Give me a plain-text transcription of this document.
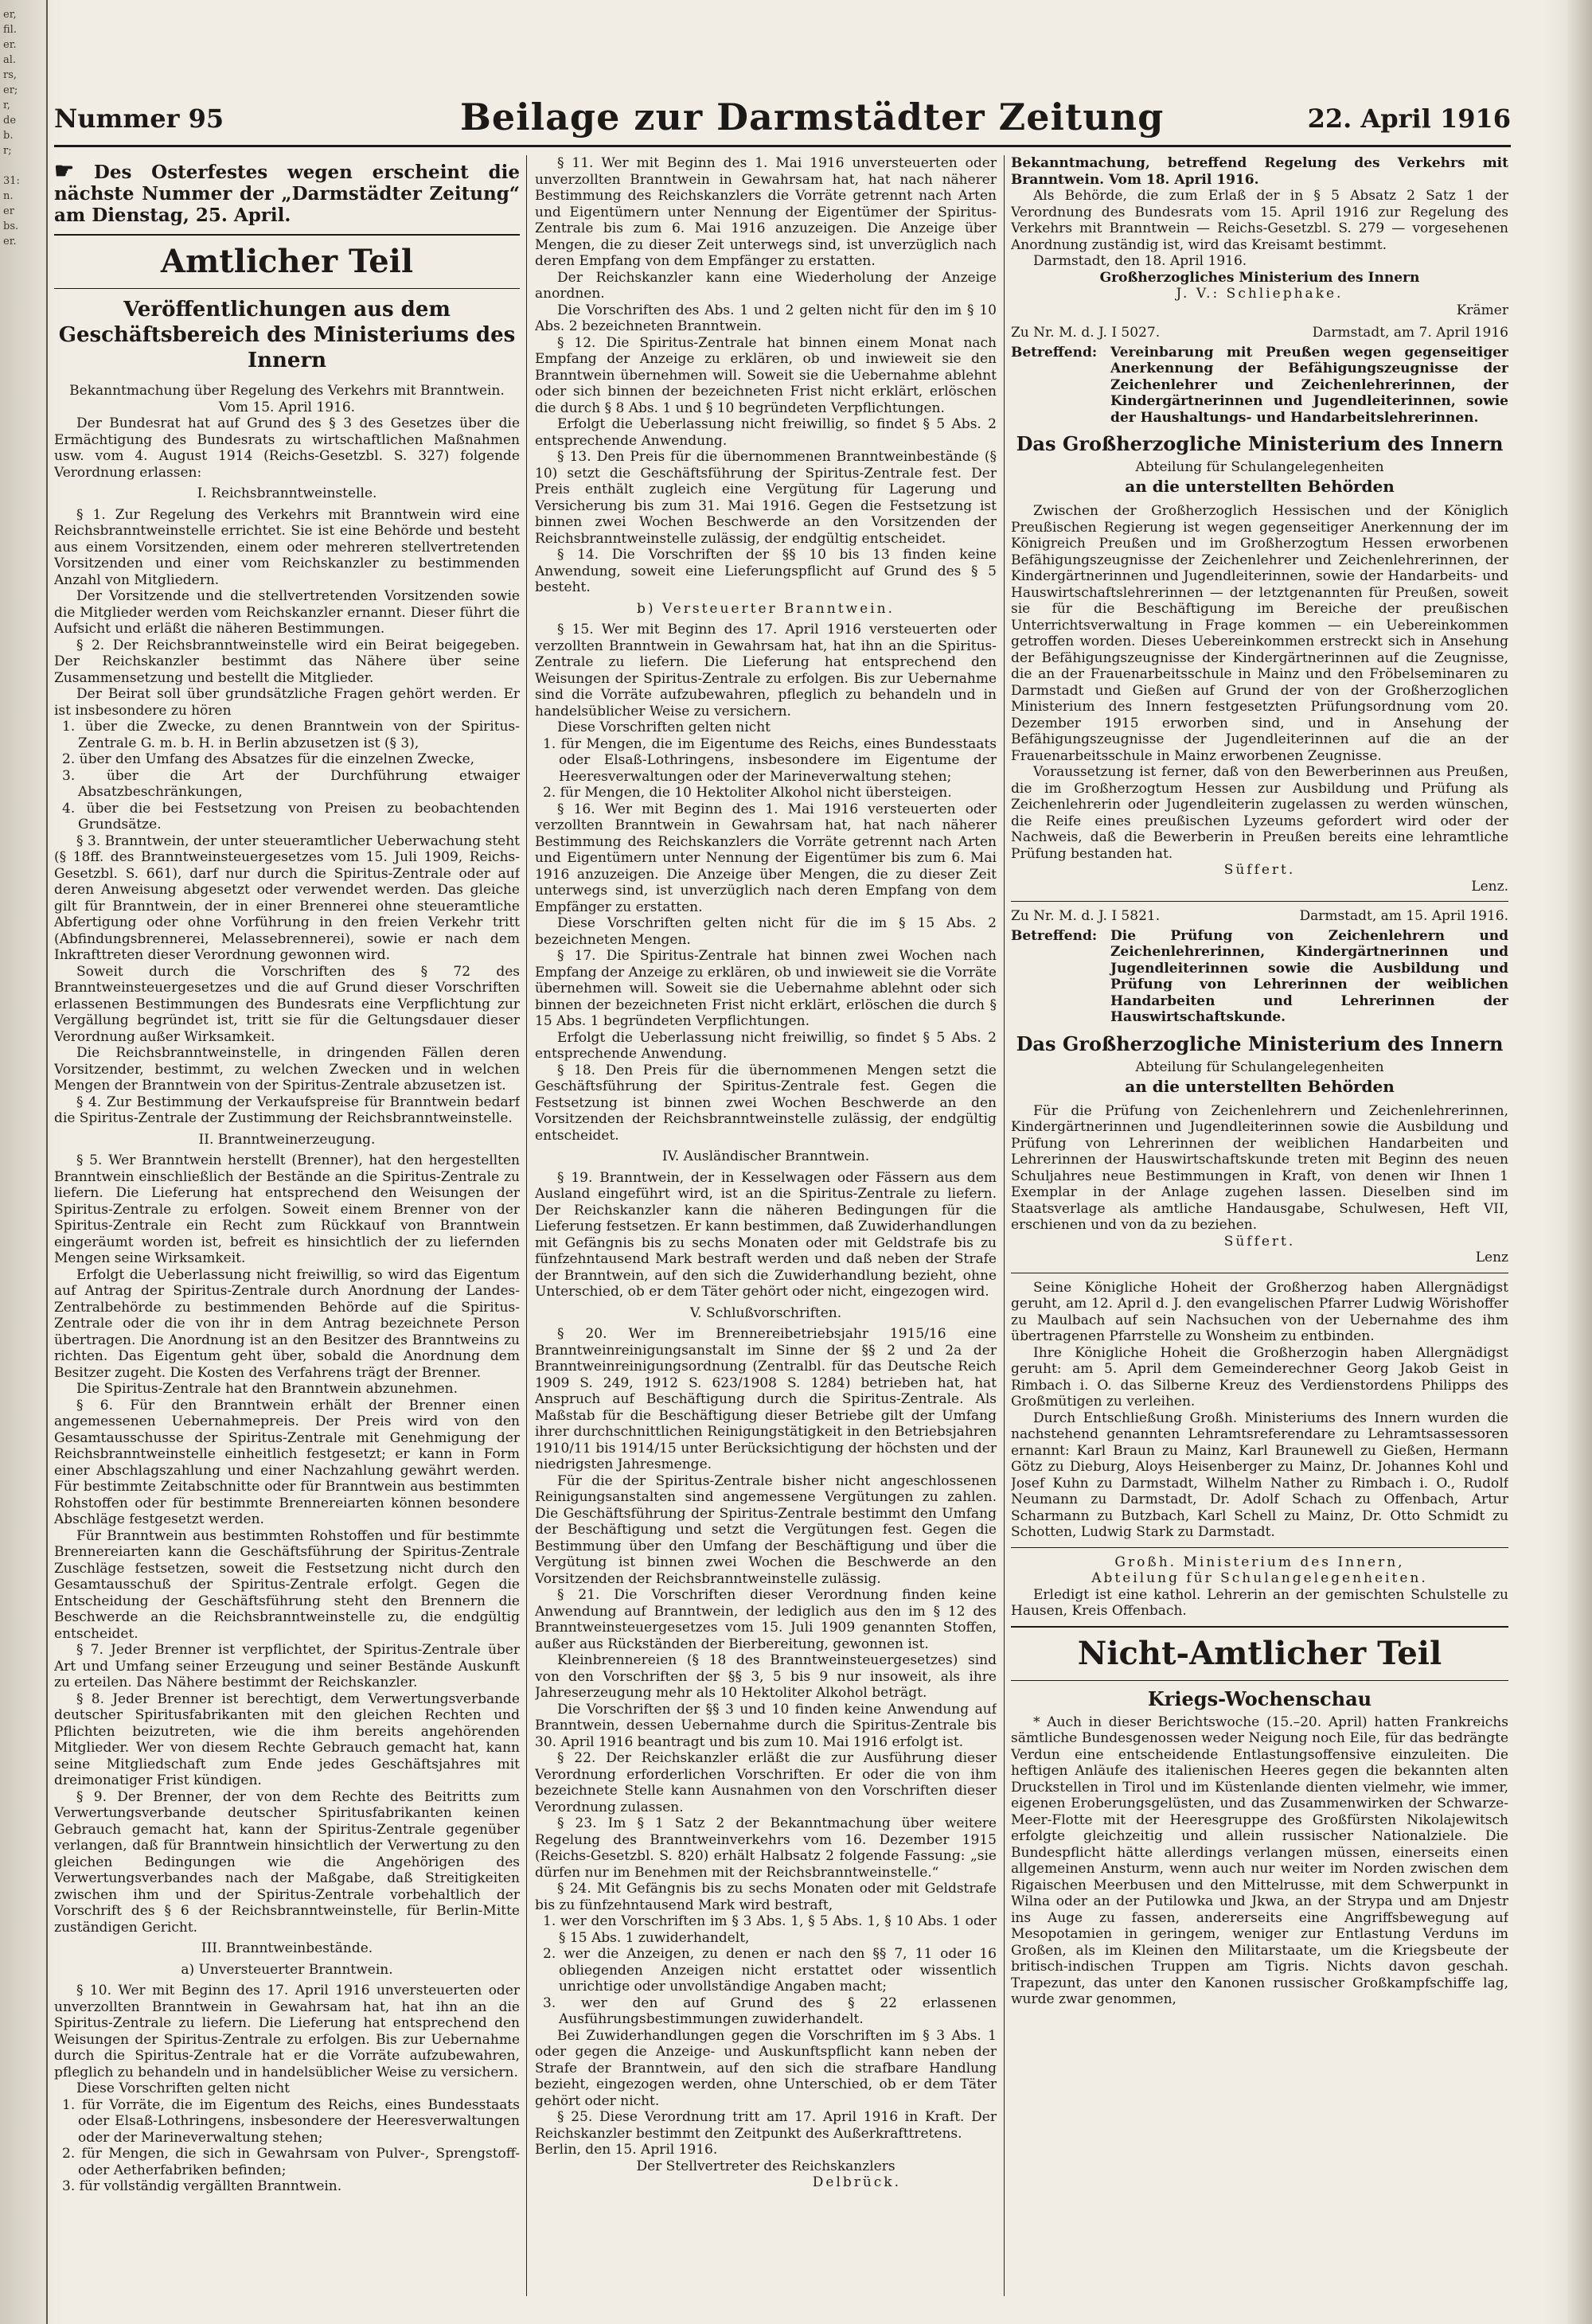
er,
fil.
er.
al.
rs,
er;
r,
de
b.
r;

31:
n.
er
bs.
er.

Nummer 95	Beilage zur Darmstädter Zeitung	22. April 1916

☛ Des Osterfestes wegen erscheint die nächste Nummer der „Darmstädter Zeitung“ am Dienstag, 25. April.

Amtlicher Teil

Veröffentlichungen aus dem Geschäftsbereich des Ministeriums des Innern

Bekanntmachung über Regelung des Verkehrs mit Branntwein. Vom 15. April 1916.

Der Bundesrat hat auf Grund des § 3 des Gesetzes über die Ermächtigung des Bundesrats zu wirtschaftlichen Maßnahmen usw. vom 4. August 1914 (Reichs-Gesetzbl. S. 327) folgende Verordnung erlassen:

I. Reichsbranntweinstelle.

§ 1. Zur Regelung des Verkehrs mit Branntwein wird eine Reichsbranntweinstelle errichtet. Sie ist eine Behörde und besteht aus einem Vorsitzenden, einem oder mehreren stellvertretenden Vorsitzenden und einer vom Reichskanzler zu bestimmenden Anzahl von Mitgliedern.

Der Vorsitzende und die stellvertretenden Vorsitzenden sowie die Mitglieder werden vom Reichskanzler ernannt. Dieser führt die Aufsicht und erläßt die näheren Bestimmungen.

§ 2. Der Reichsbranntweinstelle wird ein Beirat beigegeben. Der Reichskanzler bestimmt das Nähere über seine Zusammensetzung und bestellt die Mitglieder.

Der Beirat soll über grundsätzliche Fragen gehört werden. Er ist insbesondere zu hören

1. über die Zwecke, zu denen Branntwein von der Spiritus-Zentrale G. m. b. H. in Berlin abzusetzen ist (§ 3),

2. über den Umfang des Absatzes für die einzelnen Zwecke,

3. über die Art der Durchführung etwaiger Absatzbeschränkungen,

4. über die bei Festsetzung von Preisen zu beobachtenden Grundsätze.

§ 3. Branntwein, der unter steueramtlicher Ueberwachung steht (§ 18ff. des Branntweinsteuergesetzes vom 15. Juli 1909, Reichs-Gesetzbl. S. 661), darf nur durch die Spiritus-Zentrale oder auf deren Anweisung abgesetzt oder verwendet werden. Das gleiche gilt für Branntwein, der in einer Brennerei ohne steueramtliche Abfertigung oder ohne Vorführung in den freien Verkehr tritt (Abfindungsbrennerei, Melassebrennerei), sowie er nach dem Inkrafttreten dieser Verordnung gewonnen wird.

Soweit durch die Vorschriften des § 72 des Branntweinsteuergesetzes und die auf Grund dieser Vorschriften erlassenen Bestimmungen des Bundesrats eine Verpflichtung zur Vergällung begründet ist, tritt sie für die Geltungsdauer dieser Verordnung außer Wirksamkeit.

Die Reichsbranntweinstelle, in dringenden Fällen deren Vorsitzender, bestimmt, zu welchen Zwecken und in welchen Mengen der Branntwein von der Spiritus-Zentrale abzusetzen ist.

§ 4. Zur Bestimmung der Verkaufspreise für Branntwein bedarf die Spiritus-Zentrale der Zustimmung der Reichsbranntweinstelle.

II. Branntweinerzeugung.

§ 5. Wer Branntwein herstellt (Brenner), hat den hergestellten Branntwein einschließlich der Bestände an die Spiritus-Zentrale zu liefern. Die Lieferung hat entsprechend den Weisungen der Spiritus-Zentrale zu erfolgen. Soweit einem Brenner von der Spiritus-Zentrale ein Recht zum Rückkauf von Branntwein eingeräumt worden ist, befreit es hinsichtlich der zu liefernden Mengen seine Wirksamkeit.

Erfolgt die Ueberlassung nicht freiwillig, so wird das Eigentum auf Antrag der Spiritus-Zentrale durch Anordnung der Landes-Zentralbehörde zu bestimmenden Behörde auf die Spiritus-Zentrale oder die von ihr in dem Antrag bezeichnete Person übertragen. Die Anordnung ist an den Besitzer des Branntweins zu richten. Das Eigentum geht über, sobald die Anordnung dem Besitzer zugeht. Die Kosten des Verfahrens trägt der Brenner.

Die Spiritus-Zentrale hat den Branntwein abzunehmen.

§ 6. Für den Branntwein erhält der Brenner einen angemessenen Uebernahmepreis. Der Preis wird von den Gesamtausschusse der Spiritus-Zentrale mit Genehmigung der Reichsbranntweinstelle einheitlich festgesetzt; er kann in Form einer Abschlagszahlung und einer Nachzahlung gewährt werden. Für bestimmte Zeitabschnitte oder für Branntwein aus bestimmten Rohstoffen oder für bestimmte Brennereiarten können besondere Abschläge festgesetzt werden.

Für Branntwein aus bestimmten Rohstoffen und für bestimmte Brennereiarten kann die Geschäftsführung der Spiritus-Zentrale Zuschläge festsetzen, soweit die Festsetzung nicht durch den Gesamtausschuß der Spiritus-Zentrale erfolgt. Gegen die Entscheidung der Geschäftsführung steht den Brennern die Beschwerde an die Reichsbranntweinstelle zu, die endgültig entscheidet.

§ 7. Jeder Brenner ist verpflichtet, der Spiritus-Zentrale über Art und Umfang seiner Erzeugung und seiner Bestände Auskunft zu erteilen. Das Nähere bestimmt der Reichskanzler.

§ 8. Jeder Brenner ist berechtigt, dem Verwertungsverbande deutscher Spiritusfabrikanten mit den gleichen Rechten und Pflichten beizutreten, wie die ihm bereits angehörenden Mitglieder. Wer von diesem Rechte Gebrauch gemacht hat, kann seine Mitgliedschaft zum Ende jedes Geschäftsjahres mit dreimonatiger Frist kündigen.

§ 9. Der Brenner, der von dem Rechte des Beitritts zum Verwertungsverbande deutscher Spiritusfabrikanten keinen Gebrauch gemacht hat, kann der Spiritus-Zentrale gegenüber verlangen, daß für Branntwein hinsichtlich der Verwertung zu den gleichen Bedingungen wie die Angehörigen des Verwertungsverbandes nach der Maßgabe, daß Streitigkeiten zwischen ihm und der Spiritus-Zentrale vorbehaltlich der Vorschrift des § 6 der Reichsbranntweinstelle, für Berlin-Mitte zuständigen Gericht.

III. Branntweinbestände.

a) Unversteuerter Branntwein.

§ 10. Wer mit Beginn des 17. April 1916 unversteuerten oder unverzollten Branntwein in Gewahrsam hat, hat ihn an die Spiritus-Zentrale zu liefern. Die Lieferung hat entsprechend den Weisungen der Spiritus-Zentrale zu erfolgen. Bis zur Uebernahme durch die Spiritus-Zentrale hat er die Vorräte aufzubewahren, pfleglich zu behandeln und in handelsüblicher Weise zu versichern.

Diese Vorschriften gelten nicht

1. für Vorräte, die im Eigentum des Reichs, eines Bundesstaats oder Elsaß-Lothringens, insbesondere der Heeresverwaltungen oder der Marineverwaltung stehen;

2. für Mengen, die sich in Gewahrsam von Pulver-, Sprengstoff- oder Aetherfabriken befinden;

3. für vollständig vergällten Branntwein.

§ 11. Wer mit Beginn des 1. Mai 1916 unversteuerten oder unverzollten Branntwein in Gewahrsam hat, hat nach näherer Bestimmung des Reichskanzlers die Vorräte getrennt nach Arten und Eigentümern unter Nennung der Eigentümer der Spiritus-Zentrale bis zum 6. Mai 1916 anzuzeigen. Die Anzeige über Mengen, die zu dieser Zeit unterwegs sind, ist unverzüglich nach deren Empfang von dem Empfänger zu erstatten.

Der Reichskanzler kann eine Wiederholung der Anzeige anordnen.

Die Vorschriften des Abs. 1 und 2 gelten nicht für den im § 10 Abs. 2 bezeichneten Branntwein.

§ 12. Die Spiritus-Zentrale hat binnen einem Monat nach Empfang der Anzeige zu erklären, ob und inwieweit sie den Branntwein übernehmen will. Soweit sie die Uebernahme ablehnt oder sich binnen der bezeichneten Frist nicht erklärt, erlöschen die durch § 8 Abs. 1 und § 10 begründeten Verpflichtungen.

Erfolgt die Ueberlassung nicht freiwillig, so findet § 5 Abs. 2 entsprechende Anwendung.

§ 13. Den Preis für die übernommenen Branntweinbestände (§ 10) setzt die Geschäftsführung der Spiritus-Zentrale fest. Der Preis enthält zugleich eine Vergütung für Lagerung und Versicherung bis zum 31. Mai 1916. Gegen die Festsetzung ist binnen zwei Wochen Beschwerde an den Vorsitzenden der Reichsbranntweinstelle zulässig, der endgültig entscheidet.

§ 14. Die Vorschriften der §§ 10 bis 13 finden keine Anwendung, soweit eine Lieferungspflicht auf Grund des § 5 besteht.

b) Versteuerter Branntwein.

§ 15. Wer mit Beginn des 17. April 1916 versteuerten oder verzollten Branntwein in Gewahrsam hat, hat ihn an die Spiritus-Zentrale zu liefern. Die Lieferung hat entsprechend den Weisungen der Spiritus-Zentrale zu erfolgen. Bis zur Uebernahme sind die Vorräte aufzubewahren, pfleglich zu behandeln und in handelsüblicher Weise zu versichern.

Diese Vorschriften gelten nicht

1. für Mengen, die im Eigentume des Reichs, eines Bundesstaats oder Elsaß-Lothringens, insbesondere im Eigentume der Heeresverwaltungen oder der Marineverwaltung stehen;

2. für Mengen, die 10 Hektoliter Alkohol nicht übersteigen.

§ 16. Wer mit Beginn des 1. Mai 1916 versteuerten oder verzollten Branntwein in Gewahrsam hat, hat nach näherer Bestimmung des Reichskanzlers die Vorräte getrennt nach Arten und Eigentümern unter Nennung der Eigentümer bis zum 6. Mai 1916 anzuzeigen. Die Anzeige über Mengen, die zu dieser Zeit unterwegs sind, ist unverzüglich nach deren Empfang von dem Empfänger zu erstatten.

Diese Vorschriften gelten nicht für die im § 15 Abs. 2 bezeichneten Mengen.

§ 17. Die Spiritus-Zentrale hat binnen zwei Wochen nach Empfang der Anzeige zu erklären, ob und inwieweit sie die Vorräte übernehmen will. Soweit sie die Uebernahme ablehnt oder sich binnen der bezeichneten Frist nicht erklärt, erlöschen die durch § 15 Abs. 1 begründeten Verpflichtungen.

Erfolgt die Ueberlassung nicht freiwillig, so findet § 5 Abs. 2 entsprechende Anwendung.

§ 18. Den Preis für die übernommenen Mengen setzt die Geschäftsführung der Spiritus-Zentrale fest. Gegen die Festsetzung ist binnen zwei Wochen Beschwerde an den Vorsitzenden der Reichsbranntweinstelle zulässig, der endgültig entscheidet.

IV. Ausländischer Branntwein.

§ 19. Branntwein, der in Kesselwagen oder Fässern aus dem Ausland eingeführt wird, ist an die Spiritus-Zentrale zu liefern. Der Reichskanzler kann die näheren Bedingungen für die Lieferung festsetzen. Er kann bestimmen, daß Zuwiderhandlungen mit Gefängnis bis zu sechs Monaten oder mit Geldstrafe bis zu fünfzehntausend Mark bestraft werden und daß neben der Strafe der Branntwein, auf den sich die Zuwiderhandlung bezieht, ohne Unterschied, ob er dem Täter gehört oder nicht, eingezogen wird.

V. Schlußvorschriften.

§ 20. Wer im Brennereibetriebsjahr 1915/16 eine Branntweinreinigungsanstalt im Sinne der §§ 2 und 2a der Branntweinreinigungsordnung (Zentralbl. für das Deutsche Reich 1909 S. 249, 1912 S. 623/1908 S. 1284) betrieben hat, hat Anspruch auf Beschäftigung durch die Spiritus-Zentrale. Als Maßstab für die Beschäftigung dieser Betriebe gilt der Umfang ihrer durchschnittlichen Reinigungstätigkeit in den Betriebsjahren 1910/11 bis 1914/15 unter Berücksichtigung der höchsten und der niedrigsten Jahresmenge.

Für die der Spiritus-Zentrale bisher nicht angeschlossenen Reinigungsanstalten sind angemessene Vergütungen zu zahlen. Die Geschäftsführung der Spiritus-Zentrale bestimmt den Umfang der Beschäftigung und setzt die Vergütungen fest. Gegen die Bestimmung über den Umfang der Beschäftigung und über die Vergütung ist binnen zwei Wochen die Beschwerde an den Vorsitzenden der Reichsbranntweinstelle zulässig.

§ 21. Die Vorschriften dieser Verordnung finden keine Anwendung auf Branntwein, der lediglich aus den im § 12 des Branntweinsteuergesetzes vom 15. Juli 1909 genannten Stoffen, außer aus Rückständen der Bierbereitung, gewonnen ist.

Kleinbrennereien (§ 18 des Branntweinsteuergesetzes) sind von den Vorschriften der §§ 3, 5 bis 9 nur insoweit, als ihre Jahreserzeugung mehr als 10 Hektoliter Alkohol beträgt.

Die Vorschriften der §§ 3 und 10 finden keine Anwendung auf Branntwein, dessen Uebernahme durch die Spiritus-Zentrale bis 30. April 1916 beantragt und bis zum 10. Mai 1916 erfolgt ist.

§ 22. Der Reichskanzler erläßt die zur Ausführung dieser Verordnung erforderlichen Vorschriften. Er oder die von ihm bezeichnete Stelle kann Ausnahmen von den Vorschriften dieser Verordnung zulassen.

§ 23. Im § 1 Satz 2 der Bekanntmachung über weitere Regelung des Branntweinverkehrs vom 16. Dezember 1915 (Reichs-Gesetzbl. S. 820) erhält Halbsatz 2 folgende Fassung: „sie dürfen nur im Benehmen mit der Reichsbranntweinstelle.“

§ 24. Mit Gefängnis bis zu sechs Monaten oder mit Geldstrafe bis zu fünfzehntausend Mark wird bestraft,

1. wer den Vorschriften im § 3 Abs. 1, § 5 Abs. 1, § 10 Abs. 1 oder § 15 Abs. 1 zuwiderhandelt,

2. wer die Anzeigen, zu denen er nach den §§ 7, 11 oder 16 obliegenden Anzeigen nicht erstattet oder wissentlich unrichtige oder unvollständige Angaben macht;

3. wer den auf Grund des § 22 erlassenen Ausführungsbestimmungen zuwiderhandelt.

Bei Zuwiderhandlungen gegen die Vorschriften im § 3 Abs. 1 oder gegen die Anzeige- und Auskunftspflicht kann neben der Strafe der Branntwein, auf den sich die strafbare Handlung bezieht, eingezogen werden, ohne Unterschied, ob er dem Täter gehört oder nicht.

§ 25. Diese Verordnung tritt am 17. April 1916 in Kraft. Der Reichskanzler bestimmt den Zeitpunkt des Außerkrafttretens.

Berlin, den 15. April 1916.

Der Stellvertreter des Reichskanzlers

Delbrück.

Bekanntmachung, betreffend Regelung des Verkehrs mit Branntwein. Vom 18. April 1916.

Als Behörde, die zum Erlaß der in § 5 Absatz 2 Satz 1 der Verordnung des Bundesrats vom 15. April 1916 zur Regelung des Verkehrs mit Branntwein — Reichs-Gesetzbl. S. 279 — vorgesehenen Anordnung zuständig ist, wird das Kreisamt bestimmt.

Darmstadt, den 18. April 1916.

Großherzogliches Ministerium des Innern

J. V.: Schliephake.

Krämer

Zu Nr. M. d. J. I 5027.	Darmstadt, am 7. April 1916
Betreffend: Vereinbarung mit Preußen wegen gegenseitiger Anerkennung der Befähigungszeugnisse der Zeichenlehrer und Zeichenlehrerinnen, der Kindergärtnerinnen und Jugendleiterinnen, sowie der Haushaltungs- und Handarbeitslehrerinnen.

Das Großherzogliche Ministerium des Innern

Abteilung für Schulangelegenheiten

an die unterstellten Behörden

Zwischen der Großherzoglich Hessischen und der Königlich Preußischen Regierung ist wegen gegenseitiger Anerkennung der im Königreich Preußen und im Großherzogtum Hessen erworbenen Befähigungszeugnisse der Zeichenlehrer und Zeichenlehrerinnen, der Kindergärtnerinnen und Jugendleiterinnen, sowie der Handarbeits- und Hauswirtschaftslehrerinnen — der letztgenannten für Preußen, soweit sie für die Beschäftigung im Bereiche der preußischen Unterrichtsverwaltung in Frage kommen — ein Uebereinkommen getroffen worden. Dieses Uebereinkommen erstreckt sich in Ansehung der Befähigungszeugnisse der Kindergärtnerinnen auf die Zeugnisse, die an der Frauenarbeitsschule in Mainz und den Fröbelseminaren zu Darmstadt und Gießen auf Grund der von der Großherzoglichen Ministerium des Innern festgesetzten Prüfungsordnung vom 20. Dezember 1915 erworben sind, und in Ansehung der Befähigungszeugnisse der Jugendleiterinnen auf die an der Frauenarbeitsschule in Mainz erworbenen Zeugnisse.

Voraussetzung ist ferner, daß von den Bewerberinnen aus Preußen, die im Großherzogtum Hessen zur Ausbildung und Prüfung als Zeichenlehrerin oder Jugendleiterin zugelassen zu werden wünschen, die Reife eines preußischen Lyzeums gefordert wird oder der Nachweis, daß die Bewerberin in Preußen bereits eine lehramtliche Prüfung bestanden hat.

Süffert.

Lenz.

Zu Nr. M. d. J. I 5821.	Darmstadt, am 15. April 1916.
Betreffend: Die Prüfung von Zeichenlehrern und Zeichenlehrerinnen, Kindergärtnerinnen und Jugendleiterinnen sowie die Ausbildung und Prüfung von Lehrerinnen der weiblichen Handarbeiten und Lehrerinnen der Hauswirtschaftskunde.

Das Großherzogliche Ministerium des Innern

Abteilung für Schulangelegenheiten

an die unterstellten Behörden

Für die Prüfung von Zeichenlehrern und Zeichenlehrerinnen, Kindergärtnerinnen und Jugendleiterinnen sowie die Ausbildung und Prüfung von Lehrerinnen der weiblichen Handarbeiten und Lehrerinnen der Hauswirtschaftskunde treten mit Beginn des neuen Schuljahres neue Bestimmungen in Kraft, von denen wir Ihnen 1 Exemplar in der Anlage zugehen lassen. Dieselben sind im Staatsverlage als amtliche Handausgabe, Schulwesen, Heft VII, erschienen und von da zu beziehen.

Süffert.

Lenz

Seine Königliche Hoheit der Großherzog haben Allergnädigst geruht, am 12. April d. J. den evangelischen Pfarrer Ludwig Wörishoffer zu Maulbach auf sein Nachsuchen von der Uebernahme des ihm übertragenen Pfarrstelle zu Wonsheim zu entbinden.

Ihre Königliche Hoheit die Großherzogin haben Allergnädigst geruht: am 5. April dem Gemeinderechner Georg Jakob Geist in Rimbach i. O. das Silberne Kreuz des Verdienstordens Philipps des Großmütigen zu verleihen.

Durch Entschließung Großh. Ministeriums des Innern wurden die nachstehend genannten Lehramtsreferendare zu Lehramtsassessoren ernannt: Karl Braun zu Mainz, Karl Braunewell zu Gießen, Hermann Götz zu Dieburg, Aloys Heisenberger zu Mainz, Dr. Johannes Kohl und Josef Kuhn zu Darmstadt, Wilhelm Nather zu Rimbach i. O., Rudolf Neumann zu Darmstadt, Dr. Adolf Schach zu Offenbach, Artur Scharmann zu Butzbach, Karl Schell zu Mainz, Dr. Otto Schmidt zu Schotten, Ludwig Stark zu Darmstadt.

Großh. Ministerium des Innern,

Abteilung für Schulangelegenheiten.

Erledigt ist eine kathol. Lehrerin an der gemischten Schulstelle zu Hausen, Kreis Offenbach.

Nicht-Amtlicher Teil

Kriegs-Wochenschau

* Auch in dieser Berichtswoche (15.–20. April) hatten Frankreichs sämtliche Bundesgenossen weder Neigung noch Eile, für das bedrängte Verdun eine entscheidende Entlastungsoffensive einzuleiten. Die heftigen Anläufe des italienischen Heeres gegen die bekannten alten Druckstellen in Tirol und im Küstenlande dienten vielmehr, wie immer, eigenen Eroberungsgelüsten, und das Zusammenwirken der Schwarze-Meer-Flotte mit der Heeresgruppe des Großfürsten Nikolajewitsch erfolgte gleichzeitig und allein russischer Nationalziele. Die Bundespflicht hätte allerdings verlangen müssen, einerseits einen allgemeinen Ansturm, wenn auch nur weiter im Norden zwischen dem Rigaischen Meerbusen und den Mittelrusse, mit dem Schwerpunkt in Wilna oder an der Putilowka und Jkwa, an der Strypa und am Dnjestr ins Auge zu fassen, andererseits eine Angriffsbewegung auf Mesopotamien in geringem, weniger zur Entlastung Verduns im Großen, als im Kleinen den Militarstaate, um die Kriegsbeute der britisch-indischen Truppen am Tigris. Nichts davon geschah. Trapezunt, das unter den Kanonen russischer Großkampfschiffe lag, wurde zwar genommen,
